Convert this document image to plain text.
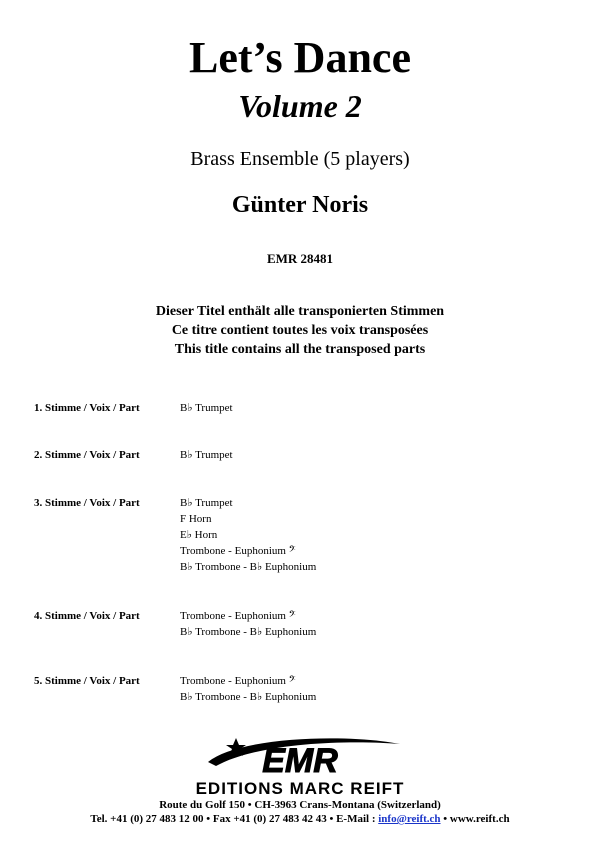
Let’s Dance
Volume 2
Brass Ensemble (5 players)
Günter Noris
EMR 28481
Dieser Titel enthält alle transponierten Stimmen
Ce titre contient toutes les voix transposées
This title contains all the transposed parts
1. Stimme / Voix / Part	B♭ Trumpet
2. Stimme / Voix / Part	B♭ Trumpet
3. Stimme / Voix / Part	B♭ Trumpet
F Horn
E♭ Horn
Trombone - Euphonium 𝄢
B♭ Trombone - B♭ Euphonium
4. Stimme / Voix / Part	Trombone - Euphonium 𝄢
B♭ Trombone - B♭ Euphonium
5. Stimme / Voix / Part	Trombone - Euphonium 𝄢
B♭ Trombone - B♭ Euphonium
EMR
EDITIONS MARC REIFT
Route du Golf 150 • CH-3963 Crans-Montana (Switzerland)
Tel. +41 (0) 27 483 12 00 • Fax +41 (0) 27 483 42 43 • E-Mail : info@reift.ch • www.reift.ch
